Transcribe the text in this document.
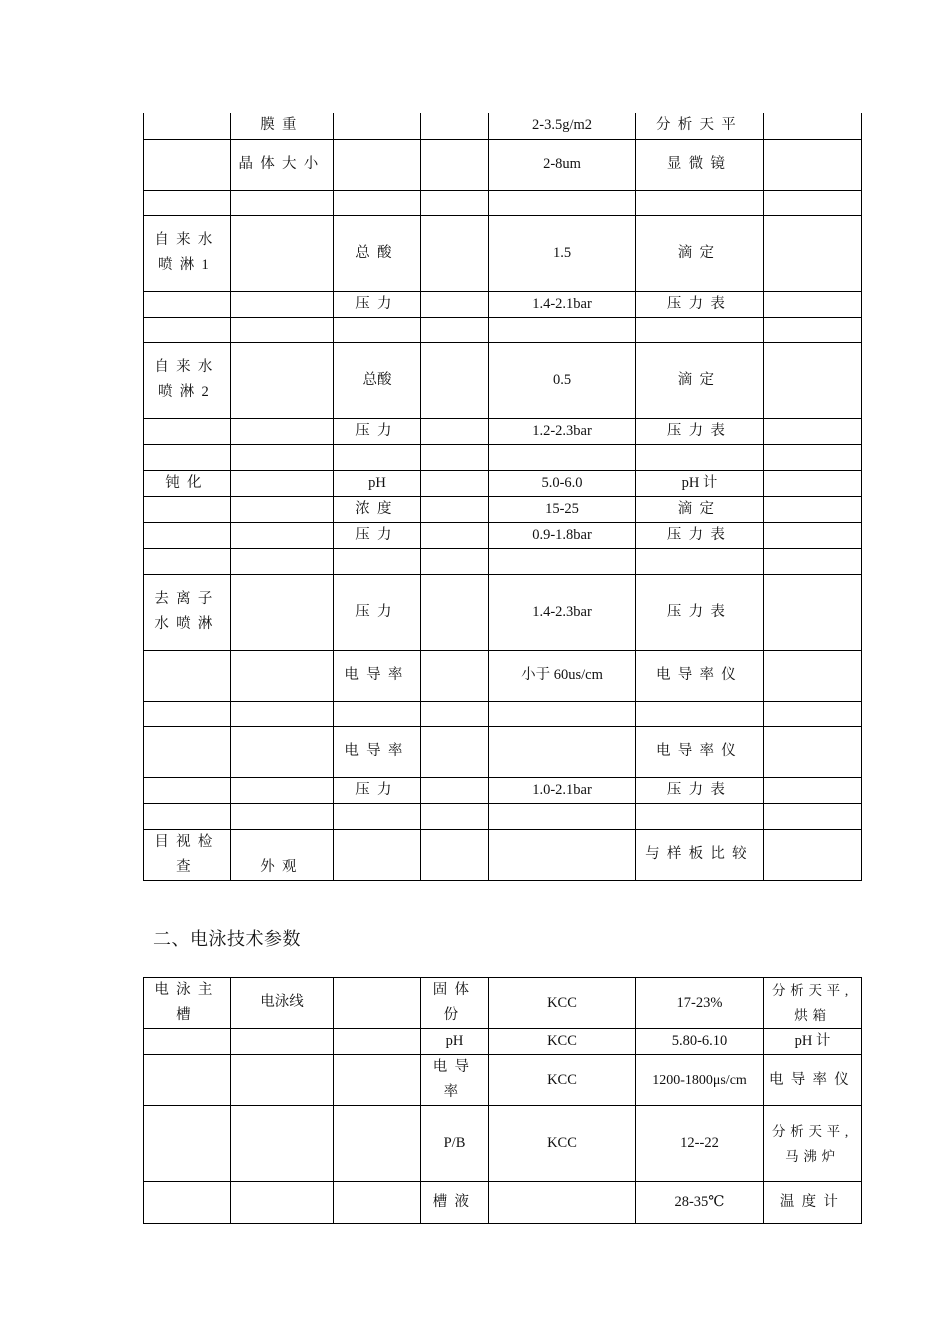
	膜重			2-3.5g/m2	分析天平	
	晶体大小			2-8um	显微镜	

自来水喷淋1		总酸		1.5	滴定	
		压力		1.4-2.1bar	压力表	

自来水喷淋2		总酸		0.5	滴定	
		压力		1.2-2.3bar	压力表	

钝化		pH		5.0-6.0	pH 计	
		浓度		15-25	滴定	
		压力		0.9-1.8bar	压力表	

去离子水喷淋		压力		1.4-2.3bar	压力表	
		电导率		小于 60us/cm	电导率仪	

		电导率			电导率仪	
		压力		1.0-2.1bar	压力表	

目视检查	外观				与样板比较	
二、电泳技术参数
电泳主槽	电泳线		固体份	KCC	17-23%	分析天平, 烘箱
			pH	KCC	5.80-6.10	pH 计
			电导率	KCC	1200-1800μs/cm	电导率仪
			P/B	KCC	12--22	分析天平, 马沸炉
			槽液		28-35℃	温度计
